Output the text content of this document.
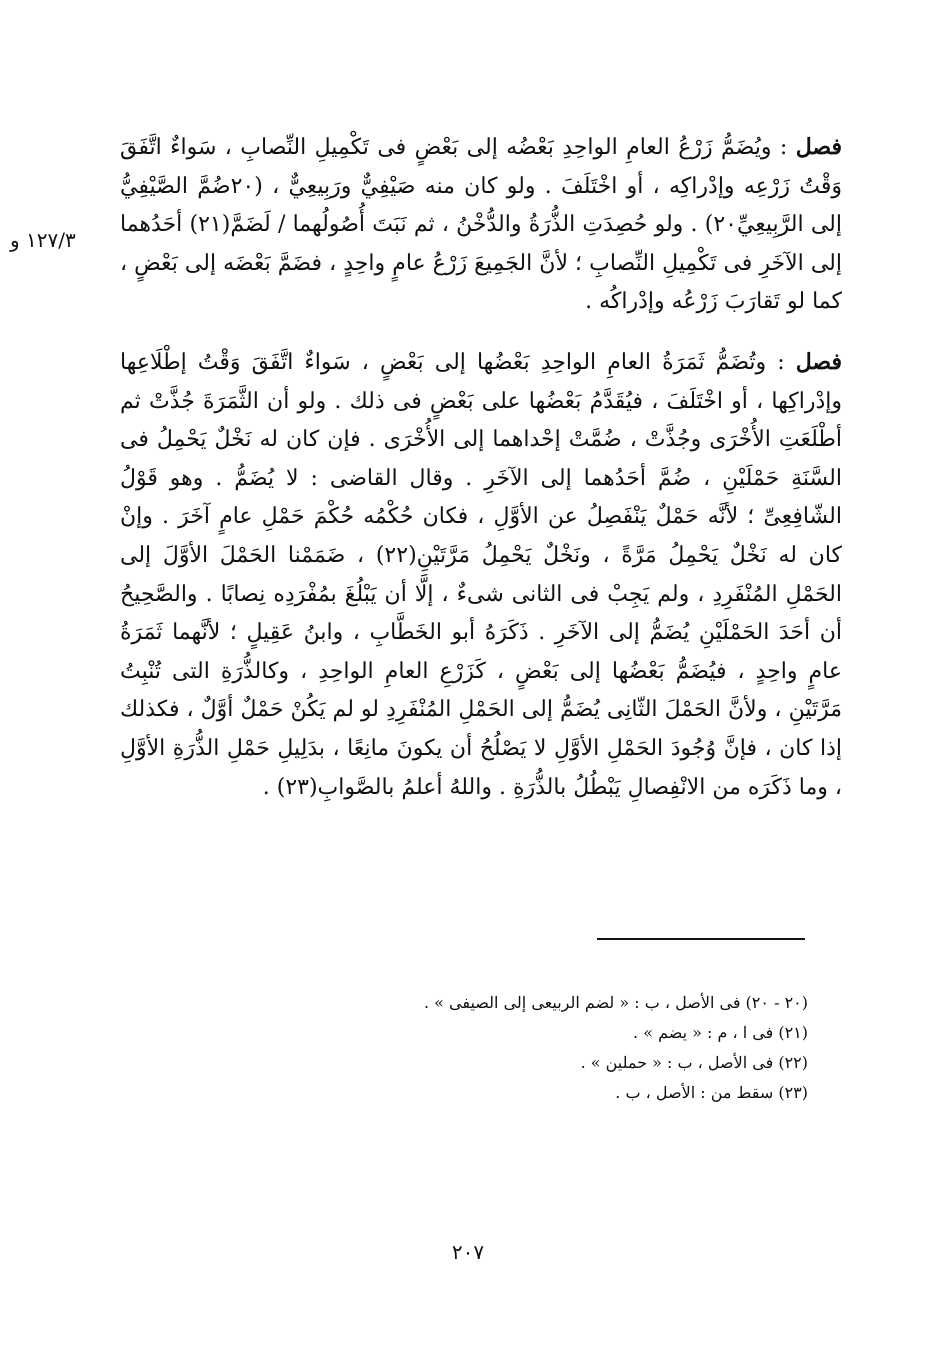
فصل : ويُضَمُّ زَرْعُ العامِ الواحِدِ بَعْضُه إلى بَعْضٍ فى تَكْمِيلِ النِّصابِ ، سَواءٌ اتَّفَقَ وَقْتُ زَرْعِه وإدْراكِه ، أو اخْتَلَفَ . ولو كان منه صَيْفِيٌّ ورَبِيعِيٌّ ، (٢٠ضُمَّ الصَّيْفِيُّ إلى الرَّبِيعِيِّ٢٠) . ولو حُصِدَتِ الذُّرَةُ والدُّخْنُ ، ثم نَبَتَ أُصُولُهما / لَضَمَّ(٢١) أحَدُهما إلى الآخَرِ فى تَكْمِيلِ النِّصابِ ؛ لأنَّ الجَمِيعَ زَرْعُ عامٍ واحِدٍ ، فضَمَّ بَعْضَه إلى بَعْضٍ ، كما لو تَقارَبَ زَرْعُه وإدْراكُه .

فصل : وتُضَمُّ ثَمَرَةُ العامِ الواحِدِ بَعْضُها إلى بَعْضٍ ، سَواءٌ اتَّفَقَ وَقْتُ إطْلَاعِها وإدْراكِها ، أو اخْتَلَفَ ، فيُقَدَّمُ بَعْضُها على بَعْضٍ فى ذلك . ولو أن الثَّمَرَةَ جُذَّتْ ثم أطْلَعَتِ الأُخْرَى وجُذَّتْ ، ضُمَّتْ إحْداهما إلى الأُخْرَى . فإن كان له نَخْلٌ يَحْمِلُ فى السَّنَةِ حَمْلَيْنِ ، ضُمَّ أحَدُهما إلى الآخَرِ . وقال القاضى : لا يُضَمُّ . وهو قَوْلُ الشّافِعِىِّ ؛ لأنَّه حَمْلٌ يَنْفَصِلُ عن الأوَّلِ ، فكان حُكْمُه حُكْمَ حَمْلِ عامٍ آخَرَ . وإنْ كان له نَخْلٌ يَحْمِلُ مَرَّةً ، ونَخْلٌ يَحْمِلُ مَرَّتَيْنِ(٢٢) ، ضَمَمْنا الحَمْلَ الأوَّلَ إلى الحَمْلِ المُنْفَرِدِ ، ولم يَجِبْ فى الثانى شىءٌ ، إلَّا أن يَبْلُغَ بمُفْرَدِه نِصابًا . والصَّحِيحُ أن أحَدَ الحَمْلَيْنِ يُضَمُّ إلى الآخَرِ . ذَكَرَهُ أبو الخَطَّابِ ، وابنُ عَقِيلٍ ؛ لأنَّهما ثَمَرَةُ عامٍ واحِدٍ ، فيُضَمُّ بَعْضُها إلى بَعْضٍ ، كَزَرْعِ العامِ الواحِدِ ، وكالذُّرَةِ التى تُنْبِتُ مَرَّتَيْنِ ، ولأنَّ الحَمْلَ الثّانِى يُضَمُّ إلى الحَمْلِ المُنْفَرِدِ لو لم يَكُنْ حَمْلٌ أوَّلٌ ، فكذلك إذا كان ، فإنَّ وُجُودَ الحَمْلِ الأوَّلِ لا يَصْلُحُ أن يكونَ مانِعًا ، بدَلِيلِ حَمْلِ الذُّرَةِ الأوَّلِ ، وما ذَكَرَه من الانْفِصالِ يَبْطُلُ بالذُّرَةِ . واللهُ أعلمُ بالصَّوابِ(٢٣) .

١٢٧/٣ و
(٢٠ - ٢٠) فى الأصل ، ب : « لضم الربيعى إلى الصيفى » .
(٢١) فى ا ، م : « يضم » .
(٢٢) فى الأصل ، ب : « حملين » .
(٢٣) سقط من : الأصل ، ب .
٢٠٧
